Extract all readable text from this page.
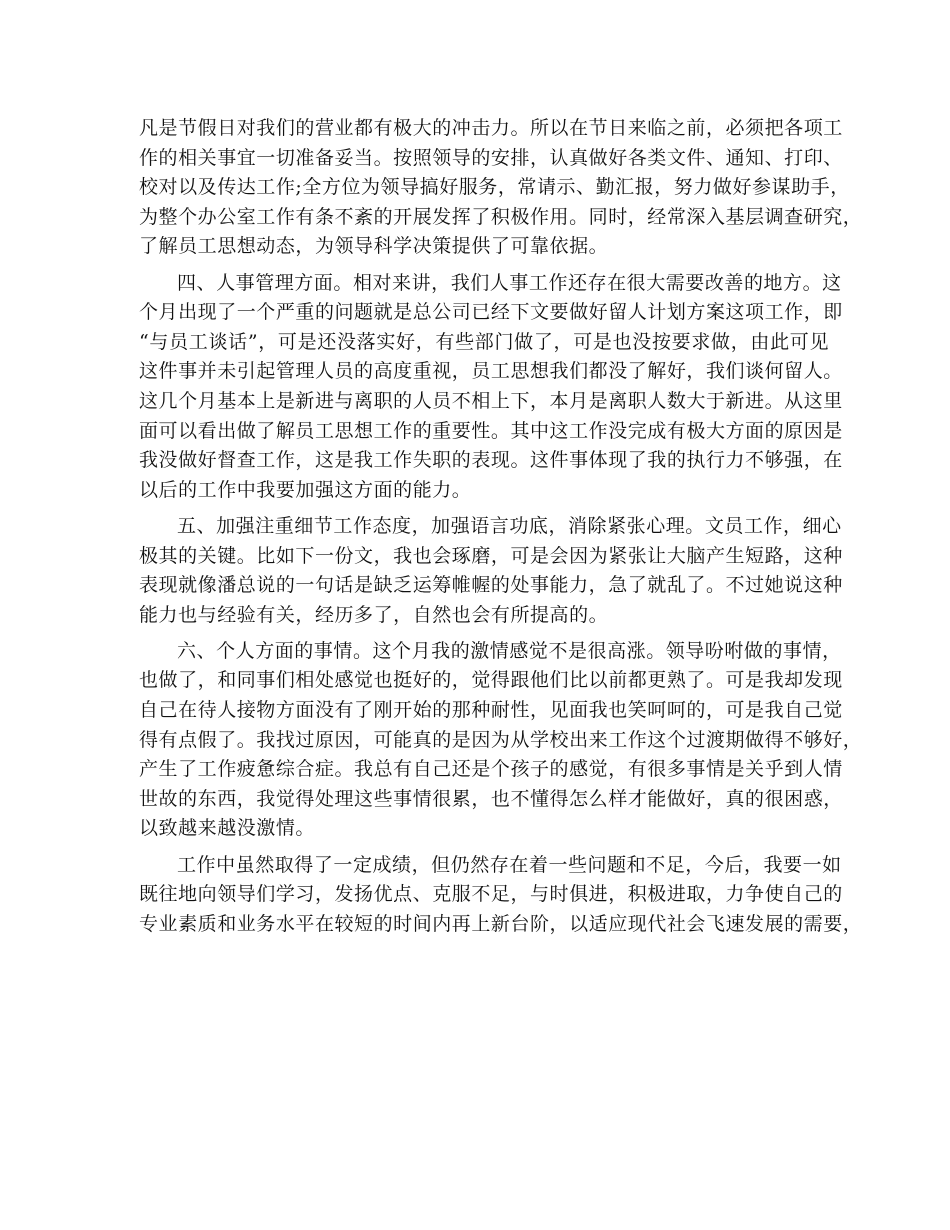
凡是节假日对我们的营业都有极大的冲击力。所以在节日来临之前，必须把各项工
作的相关事宜一切准备妥当。按照领导的安排，认真做好各类文件、通知、打印、
校对以及传达工作;全方位为领导搞好服务，常请示、勤汇报，努力做好参谋助手，
为整个办公室工作有条不紊的开展发挥了积极作用。同时，经常深入基层调查研究，
了解员工思想动态，为领导科学决策提供了可靠依据。
四、人事管理方面。相对来讲，我们人事工作还存在很大需要改善的地方。这
个月出现了一个严重的问题就是总公司已经下文要做好留人计划方案这项工作，即
“与员工谈话”，可是还没落实好，有些部门做了，可是也没按要求做，由此可见
这件事并未引起管理人员的高度重视，员工思想我们都没了解好，我们谈何留人。
这几个月基本上是新进与离职的人员不相上下，本月是离职人数大于新进。从这里
面可以看出做了解员工思想工作的重要性。其中这工作没完成有极大方面的原因是
我没做好督查工作，这是我工作失职的表现。这件事体现了我的执行力不够强，在
以后的工作中我要加强这方面的能力。
五、加强注重细节工作态度，加强语言功底，消除紧张心理。文员工作，细心
极其的关键。比如下一份文，我也会琢磨，可是会因为紧张让大脑产生短路，这种
表现就像潘总说的一句话是缺乏运筹帷幄的处事能力，急了就乱了。不过她说这种
能力也与经验有关，经历多了，自然也会有所提高的。
六、个人方面的事情。这个月我的激情感觉不是很高涨。领导吩咐做的事情，
也做了，和同事们相处感觉也挺好的，觉得跟他们比以前都更熟了。可是我却发现
自己在待人接物方面没有了刚开始的那种耐性，见面我也笑呵呵的，可是我自己觉
得有点假了。我找过原因，可能真的是因为从学校出来工作这个过渡期做得不够好，
产生了工作疲惫综合症。我总有自己还是个孩子的感觉，有很多事情是关乎到人情
世故的东西，我觉得处理这些事情很累，也不懂得怎么样才能做好，真的很困惑，
以致越来越没激情。
工作中虽然取得了一定成绩，但仍然存在着一些问题和不足，今后，我要一如
既往地向领导们学习，发扬优点、克服不足，与时俱进，积极进取，力争使自己的
专业素质和业务水平在较短的时间内再上新台阶，以适应现代社会飞速发展的需要，
